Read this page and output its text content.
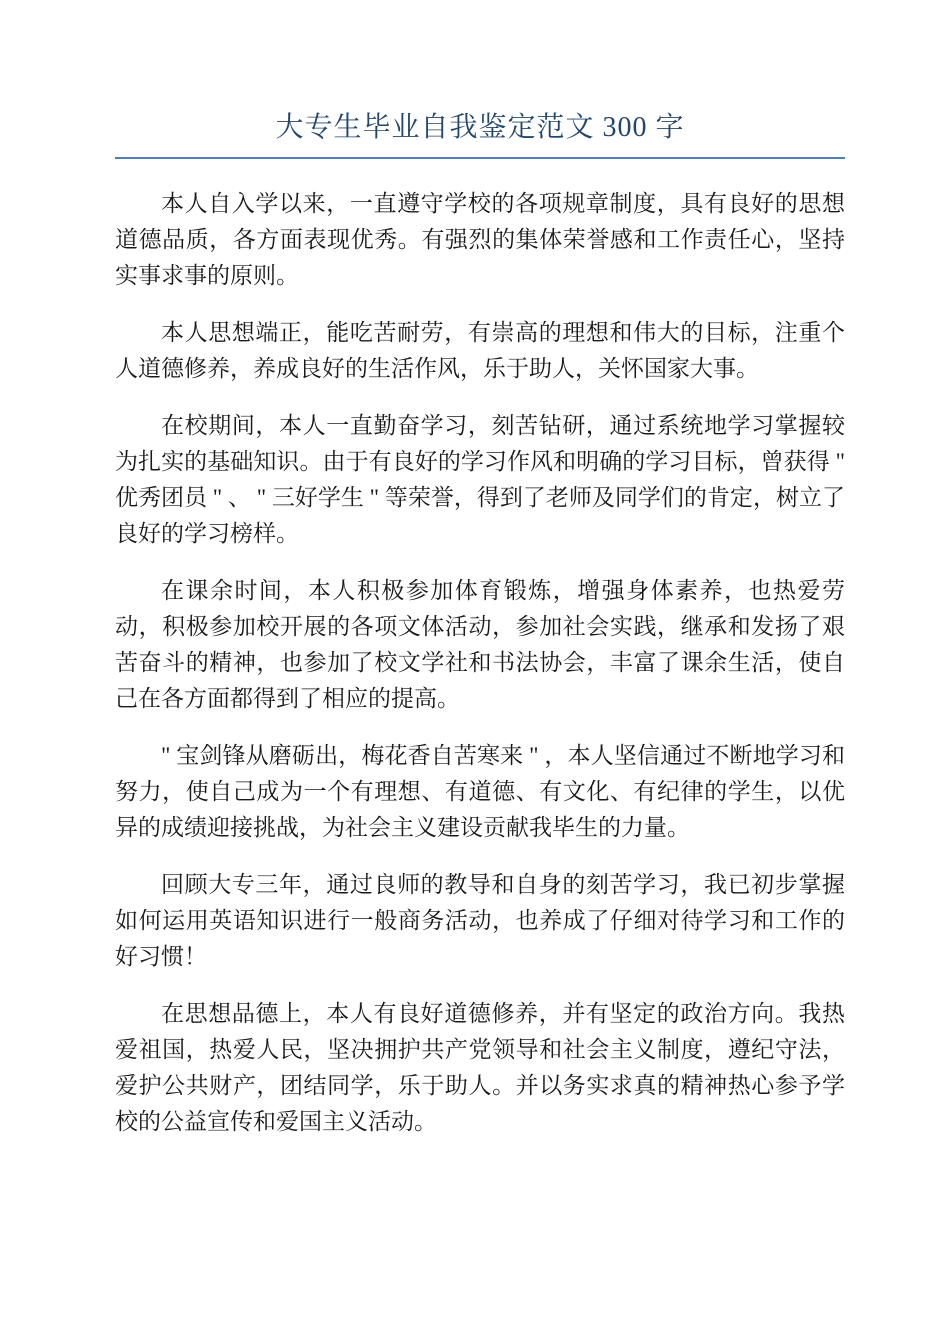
大专生毕业自我鉴定范文 300 字

本人自入学以来，一直遵守学校的各项规章制度，具有良好的思想道德品质，各方面表现优秀。有强烈的集体荣誉感和工作责任心，坚持实事求事的原则。

本人思想端正，能吃苦耐劳，有崇高的理想和伟大的目标，注重个人道德修养，养成良好的生活作风，乐于助人，关怀国家大事。

在校期间，本人一直勤奋学习，刻苦钻研，通过系统地学习掌握较为扎实的基础知识。由于有良好的学习作风和明确的学习目标，曾获得 " 优秀团员 " 、 " 三好学生 " 等荣誉，得到了老师及同学们的肯定，树立了良好的学习榜样。

在课余时间，本人积极参加体育锻炼，增强身体素养，也热爱劳动，积极参加校开展的各项文体活动，参加社会实践，继承和发扬了艰苦奋斗的精神，也参加了校文学社和书法协会，丰富了课余生活，使自己在各方面都得到了相应的提高。

" 宝剑锋从磨砺出，梅花香自苦寒来 " ，本人坚信通过不断地学习和努力，使自己成为一个有理想、有道德、有文化、有纪律的学生，以优异的成绩迎接挑战，为社会主义建设贡献我毕生的力量。

回顾大专三年，通过良师的教导和自身的刻苦学习，我已初步掌握如何运用英语知识进行一般商务活动，也养成了仔细对待学习和工作的好习惯！

在思想品德上，本人有良好道德修养，并有坚定的政治方向。我热爱祖国，热爱人民，坚决拥护共产党领导和社会主义制度，遵纪守法，爱护公共财产，团结同学，乐于助人。并以务实求真的精神热心参予学校的公益宣传和爱国主义活动。
